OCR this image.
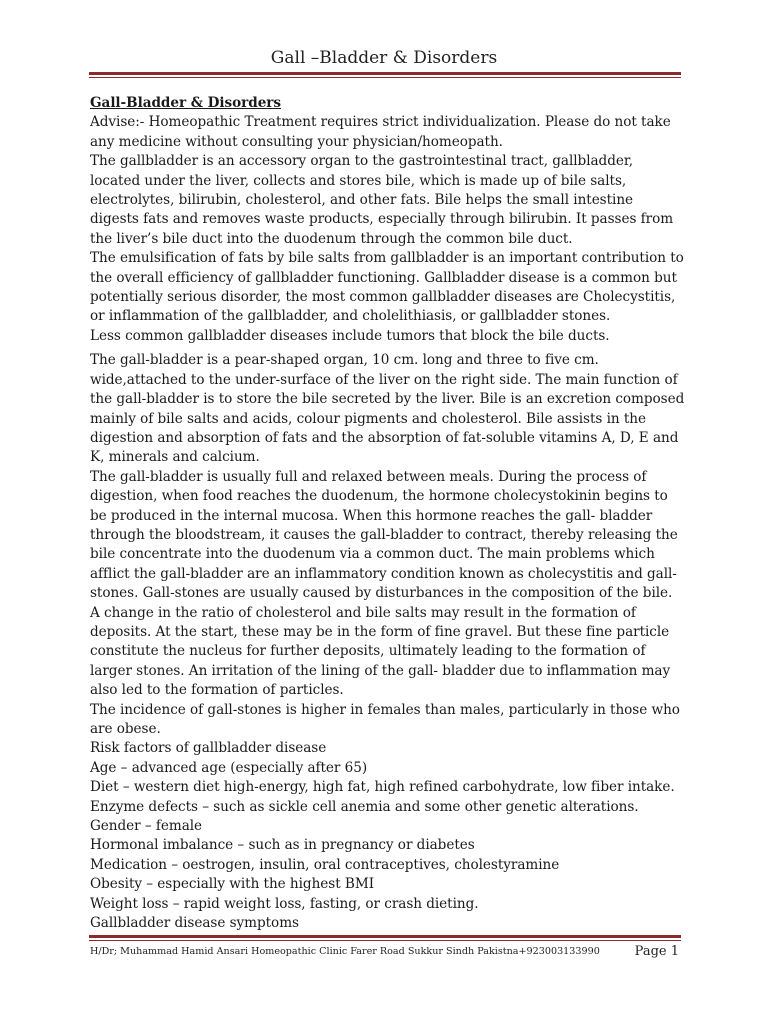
Gall –Bladder & Disorders

Gall-Bladder & Disorders

Advise:- Homeopathic Treatment requires strict individualization. Please do not take any medicine without consulting your physician/homeopath.

The gallbladder is an accessory organ to the gastrointestinal tract, gallbladder, located under the liver, collects and stores bile, which is made up of bile salts, electrolytes, bilirubin, cholesterol, and other fats. Bile helps the small intestine digests fats and removes waste products, especially through bilirubin. It passes from the liver’s bile duct into the duodenum through the common bile duct.

The emulsification of fats by bile salts from gallbladder is an important contribution to the overall efficiency of gallbladder functioning. Gallbladder disease is a common but potentially serious disorder, the most common gallbladder diseases are Cholecystitis, or inflammation of the gallbladder, and cholelithiasis, or gallbladder stones.

Less common gallbladder diseases include tumors that block the bile ducts.

The gall-bladder is a pear-shaped organ, 10 cm. long and three to five cm. wide,attached to the under-surface of the liver on the right side. The main function of the gall-bladder is to store the bile secreted by the liver. Bile is an excretion composed mainly of bile salts and acids, colour pigments and cholesterol. Bile assists in the digestion and absorption of fats and the absorption of fat-soluble vitamins A, D, E and K, minerals and calcium.

The gall-bladder is usually full and relaxed between meals. During the process of digestion, when food reaches the duodenum, the hormone cholecystokinin begins to be produced in the internal mucosa. When this hormone reaches the gall- bladder through the bloodstream, it causes the gall-bladder to contract, thereby releasing the bile concentrate into the duodenum via a common duct. The main problems which afflict the gall-bladder are an inflammatory condition known as cholecystitis and gall-stones. Gall-stones are usually caused by disturbances in the composition of the bile. A change in the ratio of cholesterol and bile salts may result in the formation of deposits. At the start, these may be in the form of fine gravel. But these fine particle constitute the nucleus for further deposits, ultimately leading to the formation of larger stones. An irritation of the lining of the gall- bladder due to inflammation may also led to the formation of particles.

The incidence of gall-stones is higher in females than males, particularly in those who are obese.

Risk factors of gallbladder disease

Age – advanced age (especially after 65)

Diet – western diet high-energy, high fat, high refined carbohydrate, low fiber intake.

Enzyme defects – such as sickle cell anemia and some other genetic alterations.

Gender – female

Hormonal imbalance – such as in pregnancy or diabetes

Medication – oestrogen, insulin, oral contraceptives, cholestyramine

Obesity – especially with the highest BMI

Weight loss – rapid weight loss, fasting, or crash dieting.

Gallbladder disease symptoms

H/Dr; Muhammad Hamid Ansari Homeopathic Clinic Farer Road Sukkur Sindh Pakistna+923003133990	Page 1
